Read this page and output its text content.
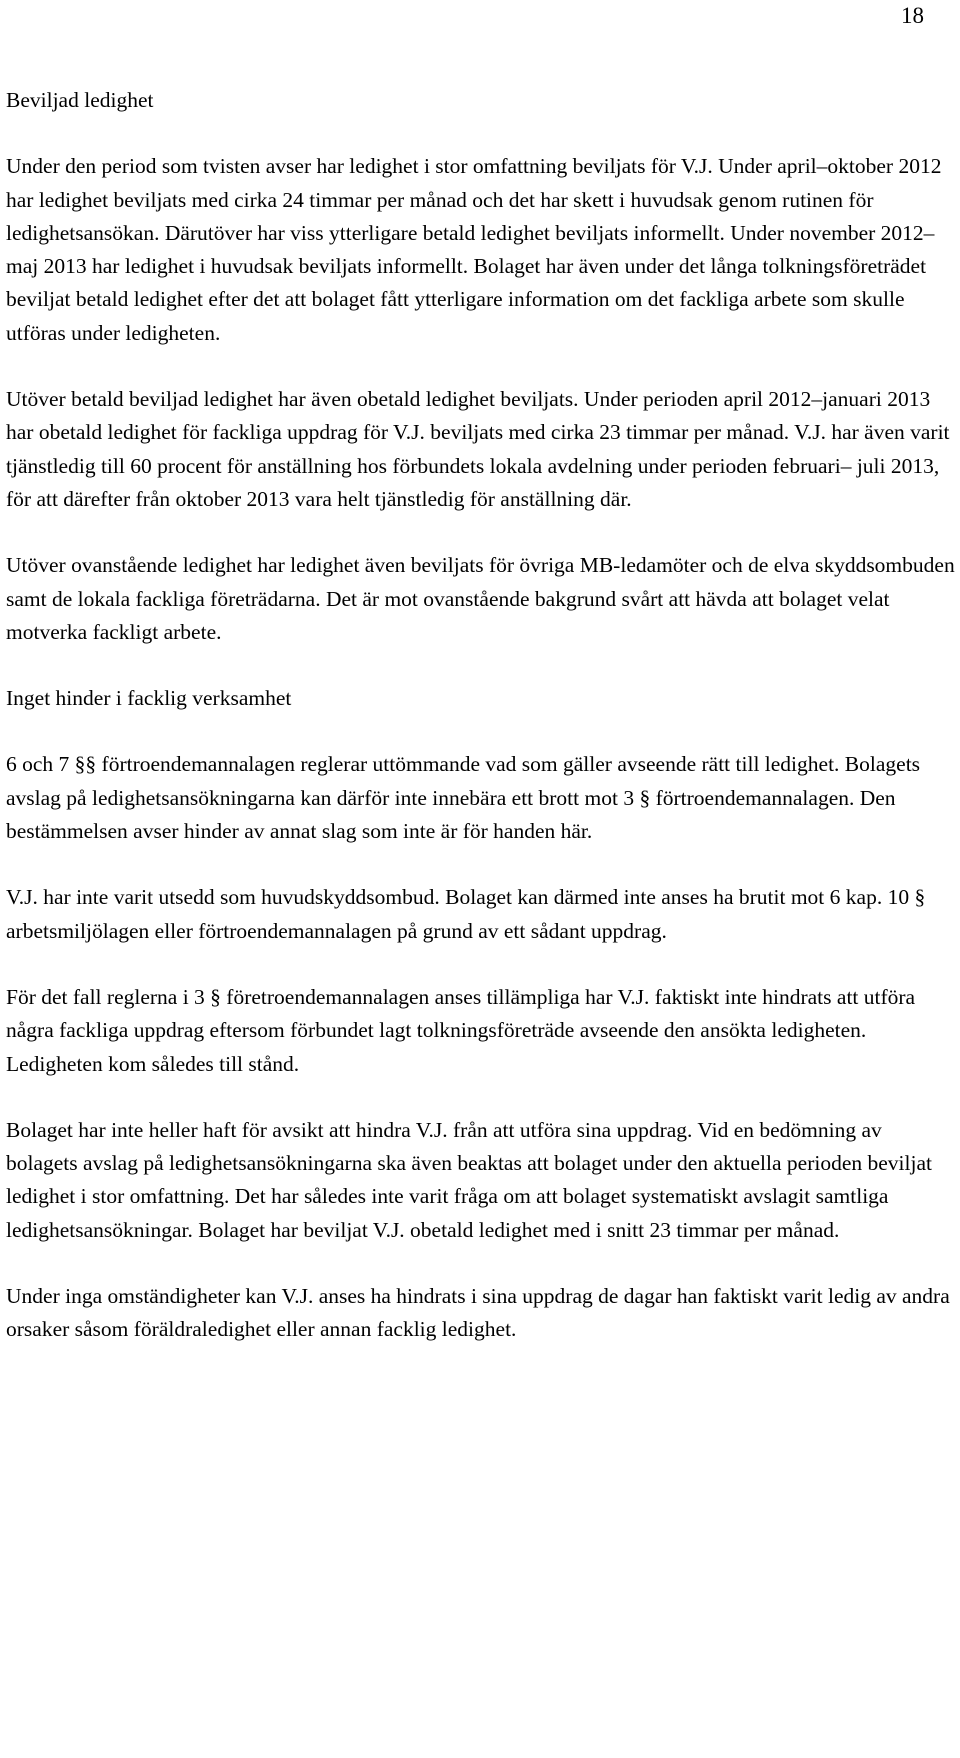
18
Beviljad ledighet

Under den period som tvisten avser har ledighet i stor omfattning beviljats för V.J. Under april–oktober 2012 har ledighet beviljats med cirka 24 timmar per månad och det har skett i huvudsak genom rutinen för ledighetsansökan. Därutöver har viss ytterligare betald ledighet beviljats informellt. Under november 2012–maj 2013 har ledighet i huvudsak beviljats informellt. Bolaget har även under det långa tolkningsföreträdet beviljat betald ledighet efter det att bolaget fått ytterligare information om det fackliga arbete som skulle utföras under ledigheten.

Utöver betald beviljad ledighet har även obetald ledighet beviljats. Under perioden april 2012–januari 2013 har obetald ledighet för fackliga uppdrag för V.J. beviljats med cirka 23 timmar per månad. V.J. har även varit tjänstledig till 60 procent för anställning hos förbundets lokala avdelning under perioden februari– juli 2013, för att därefter från oktober 2013 vara helt tjänstledig för anställning där.

Utöver ovanstående ledighet har ledighet även beviljats för övriga MB-ledamöter och de elva skyddsombuden samt de lokala fackliga företrädarna. Det är mot ovanstående bakgrund svårt att hävda att bolaget velat motverka fackligt arbete.

Inget hinder i facklig verksamhet

6 och 7 §§ förtroendemannalagen reglerar uttömmande vad som gäller avseende rätt till ledighet. Bolagets avslag på ledighetsansökningarna kan därför inte innebära ett brott mot 3 § förtroendemannalagen. Den bestämmelsen avser hinder av annat slag som inte är för handen här.

V.J. har inte varit utsedd som huvudskyddsombud. Bolaget kan därmed inte anses ha brutit mot 6 kap. 10 § arbetsmiljölagen eller förtroendemannalagen på grund av ett sådant uppdrag.

För det fall reglerna i 3 § företroendemannalagen anses tillämpliga har V.J. faktiskt inte hindrats att utföra några fackliga uppdrag eftersom förbundet lagt tolkningsföreträde avseende den ansökta ledigheten. Ledigheten kom således till stånd.

Bolaget har inte heller haft för avsikt att hindra V.J. från att utföra sina uppdrag. Vid en bedömning av bolagets avslag på ledighetsansökningarna ska även beaktas att bolaget under den aktuella perioden beviljat ledighet i stor omfattning. Det har således inte varit fråga om att bolaget systematiskt avslagit samtliga ledighetsansökningar. Bolaget har beviljat V.J. obetald ledighet med i snitt 23 timmar per månad.

Under inga omständigheter kan V.J. anses ha hindrats i sina uppdrag de dagar han faktiskt varit ledig av andra orsaker såsom föräldraledighet eller annan facklig ledighet.
